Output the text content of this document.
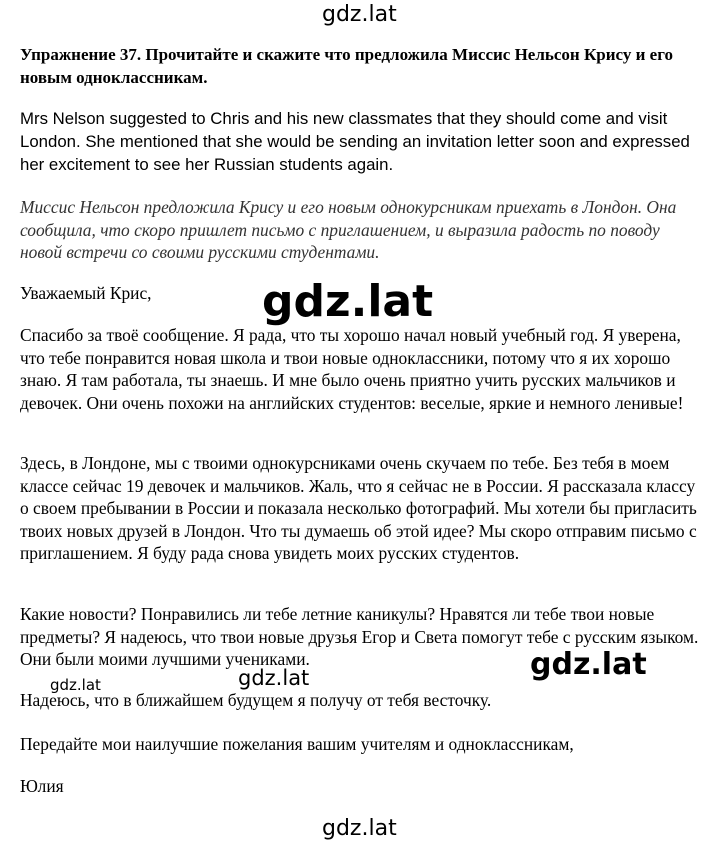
gdz.lat

Упражнение 37. Прочитайте и скажите что предложила Миссис Нельсон Крису и его новым одноклассникам.

Mrs Nelson suggested to Chris and his new classmates that they should come and visit London. She mentioned that she would be sending an invitation letter soon and expressed her excitement to see her Russian students again.

Миссис Нельсон предложила Крису и его новым однокурсникам приехать в Лондон. Она сообщила, что скоро пришлет письмо с приглашением, и выразила радость по поводу новой встречи со своими русскими студентами.

Уважаемый Крис,

Спасибо за твоё сообщение. Я рада, что ты хорошо начал новый учебный год. Я уверена, что тебе понравится новая школа и твои новые одноклассники, потому что я их хорошо знаю. Я там работала, ты знаешь. И мне было очень приятно учить русских мальчиков и девочек. Они очень похожи на английских студентов: веселые, яркие и немного ленивые!

Здесь, в Лондоне, мы с твоими однокурсниками очень скучаем по тебе. Без тебя в моем классе сейчас 19 девочек и мальчиков. Жаль, что я сейчас не в России. Я рассказала классу о своем пребывании в России и показала несколько фотографий. Мы хотели бы пригласить твоих новых друзей в Лондон. Что ты думаешь об этой идее? Мы скоро отправим письмо с приглашением. Я буду рада снова увидеть моих русских студентов.

Какие новости? Понравились ли тебе летние каникулы? Нравятся ли тебе твои новые предметы? Я надеюсь, что твои новые друзья Егор и Света помогут тебе с русским языком. Они были моими лучшими учениками.

Надеюсь, что в ближайшем будущем я получу от тебя весточку.

Передайте мои наилучшие пожелания вашим учителям и одноклассникам,

Юлия

gdz.lat
gdz.lat
gdz.lat
gdz.lat
gdz.lat
